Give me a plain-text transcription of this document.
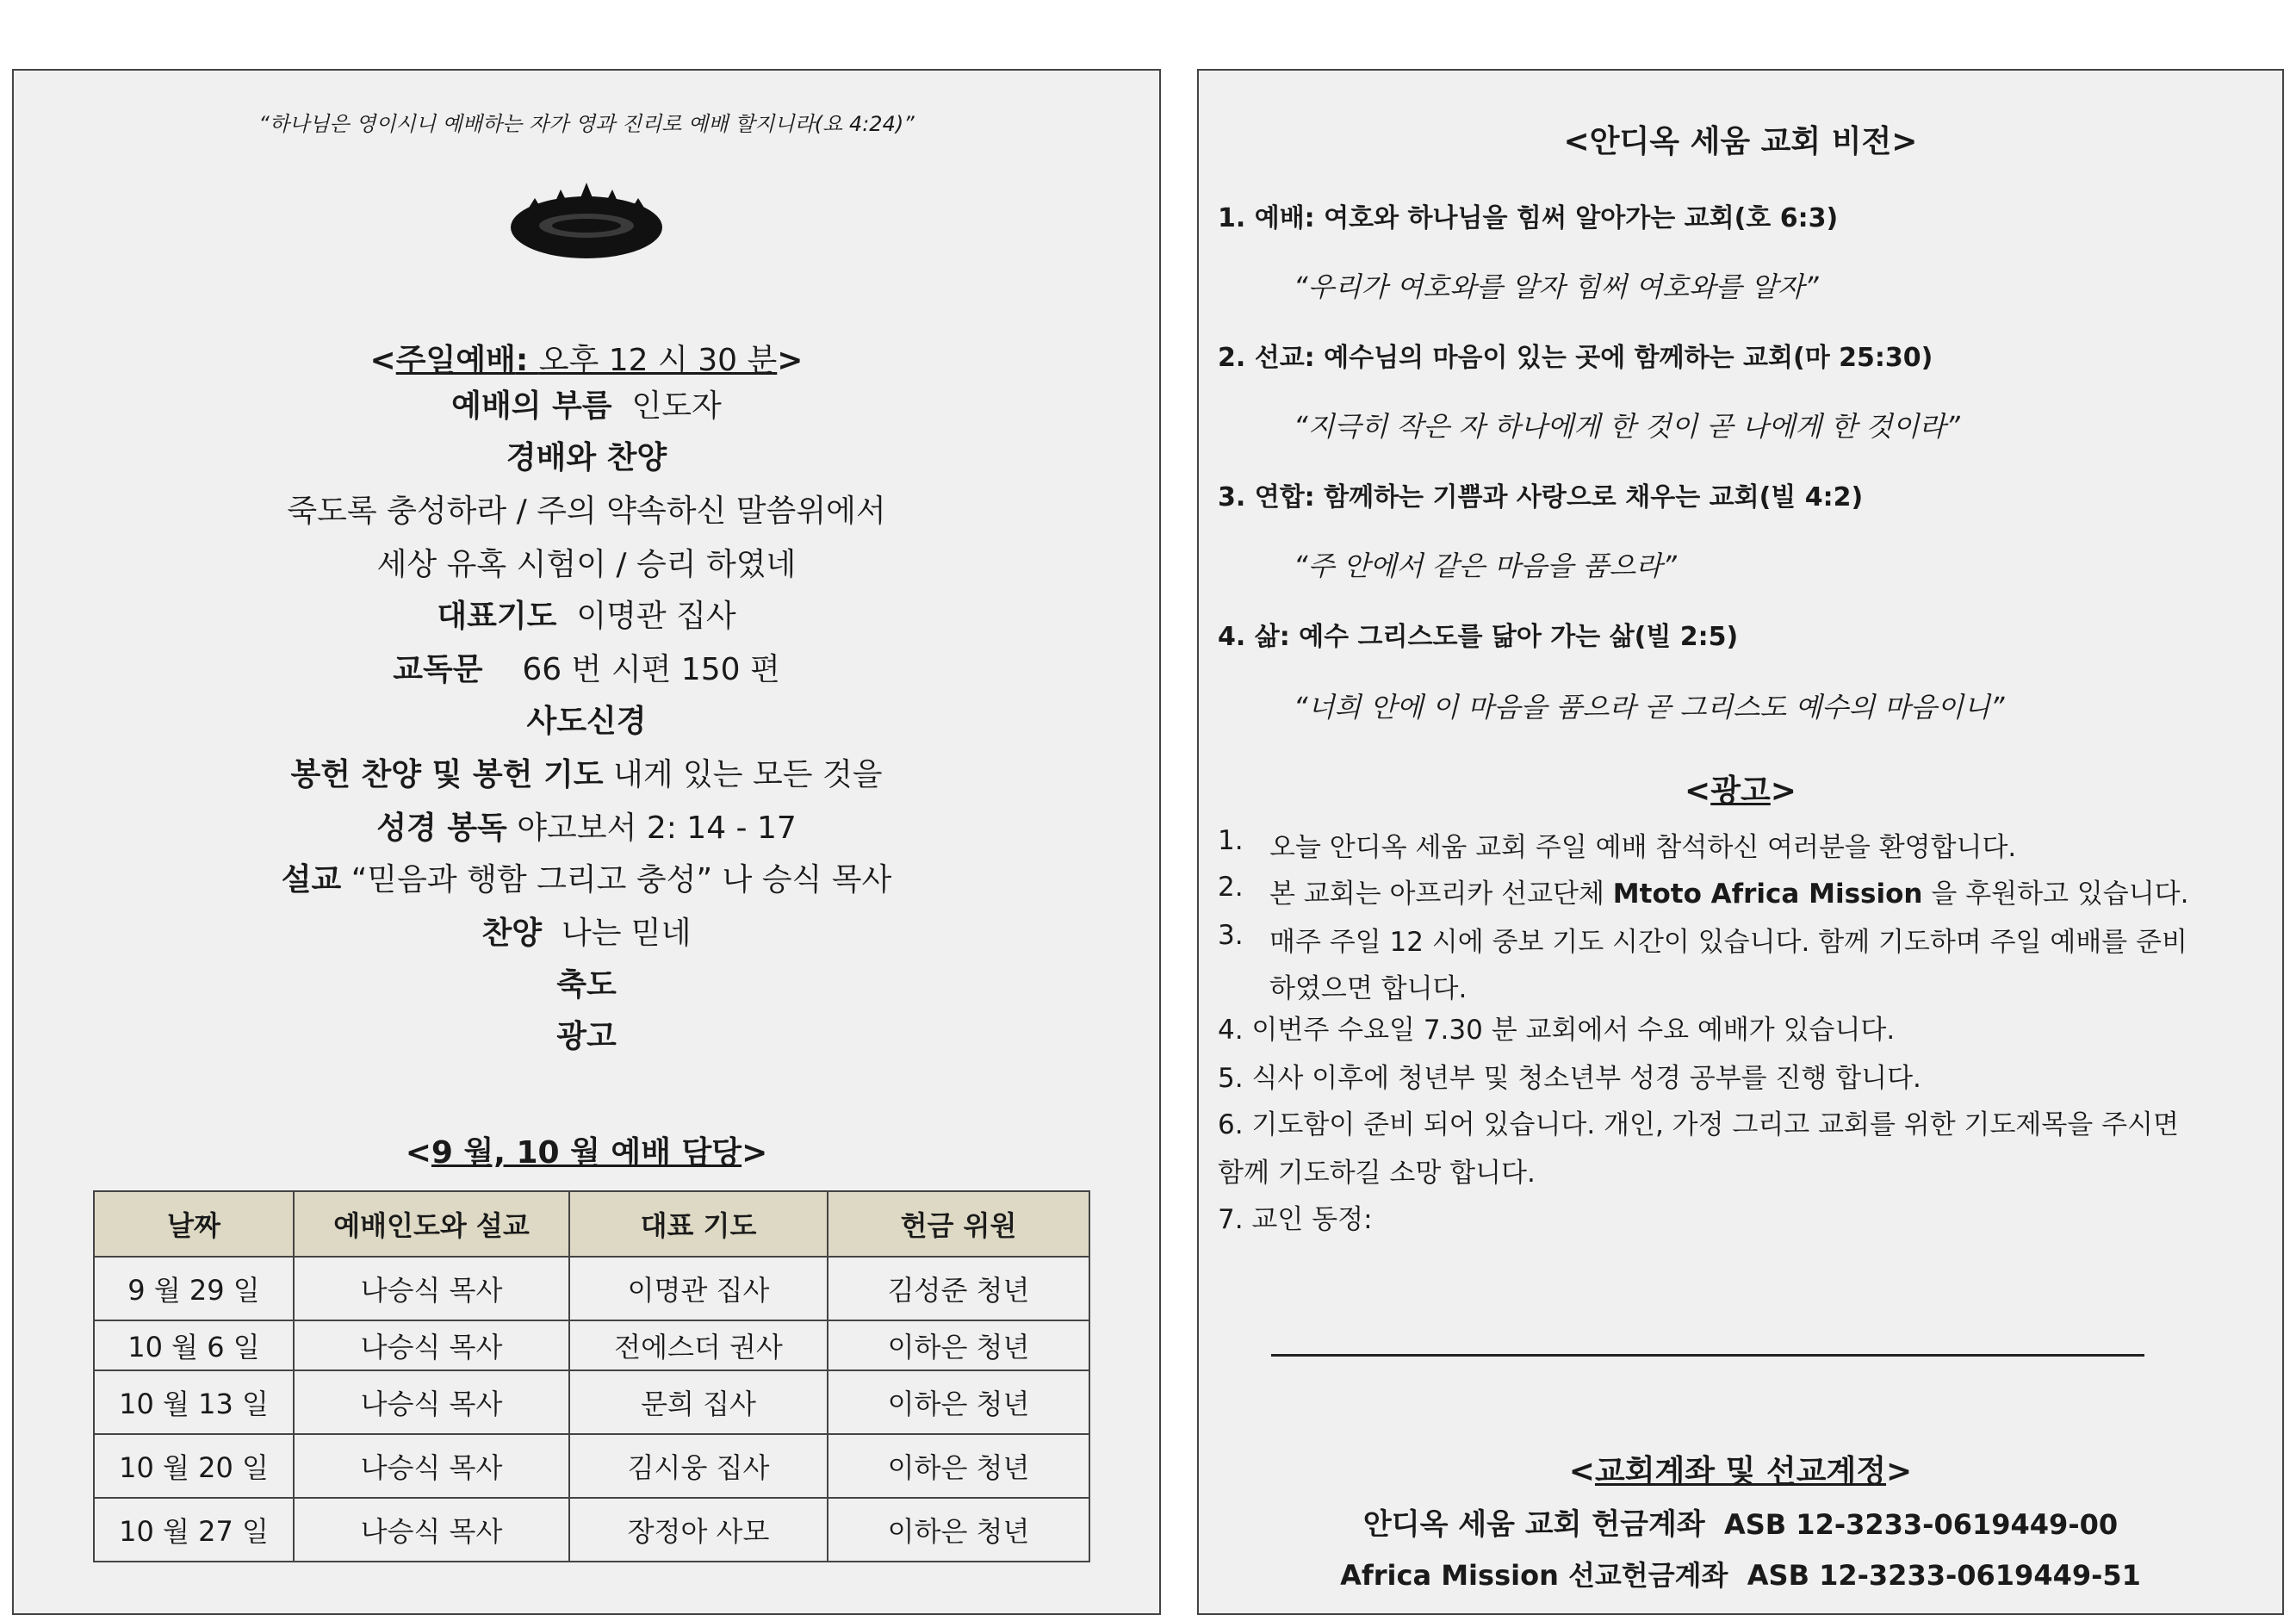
“하나님은 영이시니 예배하는 자가 영과 진리로 예배 할지니라(요 4:24)”
<주일예배: 오후 12 시 30 분>
예배의 부름 인도자
경배와 찬양
죽도록 충성하라 / 주의 약속하신 말씀위에서
세상 유혹 시험이 / 승리 하였네
대표기도 이명관 집사
교독문 66 번 시편 150 편
사도신경
봉헌 찬양 및 봉헌 기도 내게 있는 모든 것을
성경 봉독 야고보서 2: 14 - 17
설교 “믿음과 행함 그리고 충성” 나 승식 목사
찬양 나는 믿네
축도
광고
<9 월, 10 월 예배 담당>
날짜	예배인도와 설교	대표 기도	헌금 위원
9 월 29 일	나승식 목사	이명관 집사	김성준 청년
10 월 6 일	나승식 목사	전에스더 권사	이하은 청년
10 월 13 일	나승식 목사	문희 집사	이하은 청년
10 월 20 일	나승식 목사	김시웅 집사	이하은 청년
10 월 27 일	나승식 목사	장정아 사모	이하은 청년
<안디옥 세움 교회 비전>
1. 예배: 여호와 하나님을 힘써 알아가는 교회(호 6:3)
“우리가 여호와를 알자 힘써 여호와를 알자”
2. 선교: 예수님의 마음이 있는 곳에 함께하는 교회(마 25:30)
“지극히 작은 자 하나에게 한 것이 곧 나에게 한 것이라”
3. 연합: 함께하는 기쁨과 사랑으로 채우는 교회(빌 4:2)
“주 안에서 같은 마음을 품으라”
4. 삶: 예수 그리스도를 닮아 가는 삶(빌 2:5)
“너희 안에 이 마음을 품으라 곧 그리스도 예수의 마음이니”
<광고>
1. 오늘 안디옥 세움 교회 주일 예배 참석하신 여러분을 환영합니다.
2. 본 교회는 아프리카 선교단체 Mtoto Africa Mission 을 후원하고 있습니다.
3. 매주 주일 12 시에 중보 기도 시간이 있습니다. 함께 기도하며 주일 예배를 준비
하였으면 합니다.
4. 이번주 수요일 7.30 분 교회에서 수요 예배가 있습니다.
5. 식사 이후에 청년부 및 청소년부 성경 공부를 진행 합니다.
6. 기도함이 준비 되어 있습니다. 개인, 가정 그리고 교회를 위한 기도제목을 주시면
함께 기도하길 소망 합니다.
7. 교인 동정:
<교회계좌 및 선교계정>
안디옥 세움 교회 헌금계좌 ASB 12-3233-0619449-00
Africa Mission 선교헌금계좌 ASB 12-3233-0619449-51
